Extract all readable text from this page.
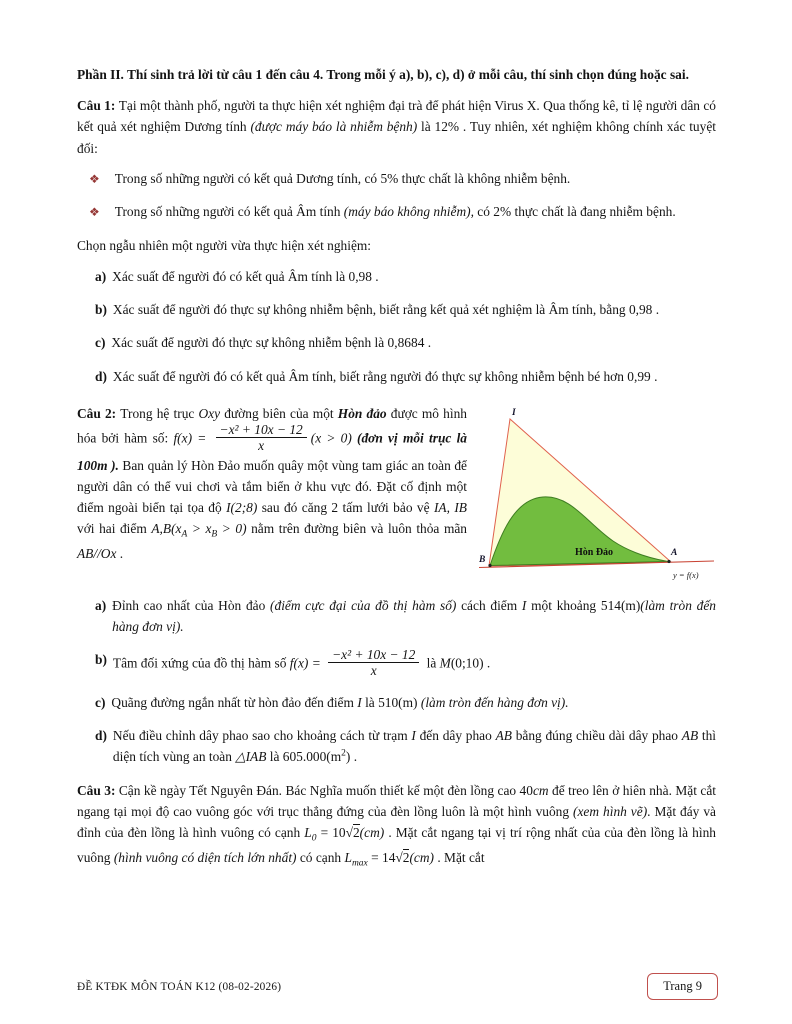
Phần II. Thí sinh trả lời từ câu 1 đến câu 4. Trong mỗi ý a), b), c), d) ở mỗi câu, thí sinh chọn đúng hoặc sai.

Câu 1: Tại một thành phố, người ta thực hiện xét nghiệm đại trà để phát hiện Virus X. Qua thống kê, tỉ lệ người dân có kết quả xét nghiệm Dương tính (được máy báo là nhiễm bệnh) là 12% . Tuy nhiên, xét nghiệm không chính xác tuyệt đối:

❖ Trong số những người có kết quả Dương tính, có 5% thực chất là không nhiễm bệnh.
❖ Trong số những người có kết quả Âm tính (máy báo không nhiễm), có 2% thực chất là đang nhiễm bệnh.

Chọn ngẫu nhiên một người vừa thực hiện xét nghiệm:

a) Xác suất để người đó có kết quả Âm tính là 0,98 .
b) Xác suất để người đó thực sự không nhiễm bệnh, biết rằng kết quả xét nghiệm là Âm tính, bằng 0,98 .
c) Xác suất để người đó thực sự không nhiễm bệnh là 0,8684 .
d) Xác suất để người đó có kết quả Âm tính, biết rằng người đó thực sự không nhiễm bệnh bé hơn 0,99 .
I
B
A
Hòn Đảo
y = f(x)

Câu 2: Trong hệ trục Oxy đường biên của một Hòn đảo được mô hình hóa bởi hàm số: $f(x) = \frac{\text{−x² + 10x − 12}}{x} (x > 0)$ (đơn vị mỗi trục là 100m ). Ban quản lý Hòn Đảo muốn quây một vùng tam giác an toàn để người dân có thể vui chơi và tắm biển ở khu vực đó. Đặt cố định một điểm ngoài biển tại tọa độ I(2;8) sau đó căng 2 tấm lưới bảo vệ IA, IB với hai điểm $A,B(x_A > x_B > 0)$ nằm trên đường biên và luôn thỏa mãn AB//Ox .

a) Đỉnh cao nhất của Hòn đảo (điểm cực đại của đồ thị hàm số) cách điểm I một khoảng 514(m)(làm tròn đến hàng đơn vị).
b) Tâm đối xứng của đồ thị hàm số $f(x) = \frac{\text{−x² + 10x − 12}}{x}$ là M(0;10) .
c) Quãng đường ngắn nhất từ hòn đảo đến điểm I là 510(m) (làm tròn đến hàng đơn vị).
d) Nếu điều chỉnh dây phao sao cho khoảng cách từ trạm I đến dây phao AB bằng đúng chiều dài dây phao AB thì diện tích vùng an toàn △IAB là $605.000(m^2)$ .

Câu 3: Cận kề ngày Tết Nguyên Đán. Bác Nghĩa muốn thiết kế một đèn lồng cao 40cm để treo lên ở hiên nhà. Mặt cắt ngang tại mọi độ cao vuông góc với trục thẳng đứng của đèn lồng luôn là một hình vuông (xem hình vẽ). Mặt đáy và đỉnh của đèn lồng là hình vuông có cạnh $L_0 = 10√2(cm)$ . Mặt cắt ngang tại vị trí rộng nhất của của đèn lồng là hình vuông (hình vuông có diện tích lớn nhất) có cạnh $L_{max} = 14√2(cm)$ . Mặt cắt

ĐỀ KTĐK MÔN TOÁN K12 (08-02-2026)	Trang 9
